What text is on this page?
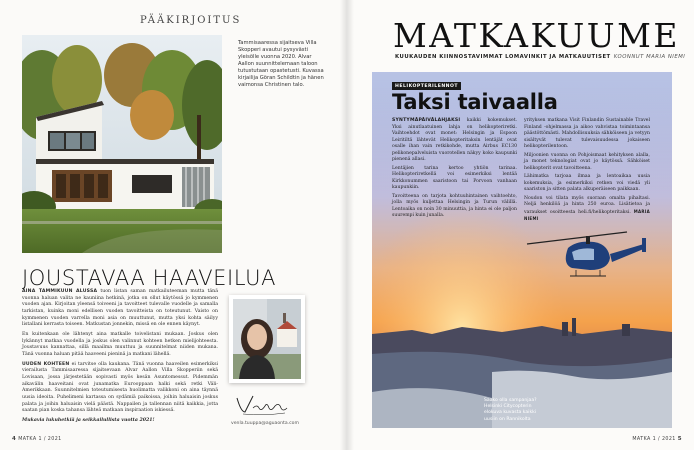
PÄÄKIRJOITUS
Tammisaaressa sijaitseva Villa Skopperi avautui pysyvästi yleisölle vuonna 2020. Alvar Aallon suunnittelemaan taloon tutustutaan opastetusti. Kuvassa kirjailija Göran Schildtin ja hänen vaimonsa Christinen talo.
JOUSTAVAA HAAVEILUA

AINA TAMMIKUUN ALUSSA tuon listan saman matkailuteeman mutta tänä vuonna haluan valita ne kauniina hetkinä, jotka on ollut käytössä jo kymmenen vuoden ajan. Kirjoitan yleensä toiveeni ja tavoitteet tulevalle vuodelle ja samalla tarkistan, kuinka moni edellisen vuoden tavoitteista on toteutunut. Vaisto on kymmenen vuoden varrella moni asia on muuttunut, mutta yksi kohta säilyy listallani kerrasta toiseen. Matkustan jonnekin, missä en ole ennen käynyt.

En kuitenkaan ole lähtenyt aina matkalle toivelistani mukaan. Joskus olen lykännyt matkaa vuodella ja joskus olen valinnut kohteen hetken mielijohteesta. Joustavuus kannattaa, sillä maailma muuttuu ja suunnitelmat niiden mukana. Tänä vuonna haluan pitää haaveeni pieninä ja matkani lähellä.

UUDEN KOHTEEN ei tarvitse olla kaukana. Tänä vuonna haaveilen esimerkiksi vierailusta Tammisaaressa sijaitsevaan Alvar Aallon Villa Skopperiin sekä Lovisaan, jossa järjestetään sopivasti myös kesän Asuntomessut. Pidemmän aikavälin haaveitani ovat junamatka Eurooppaan halki sekä retki Väli-Amerikkaan. Suunnitelmien toteutumisesta huolimatta valikkoni on aina täynnä uusia ideoita. Puhelimeni kartassa on sydämiä paikoissa, joihin haluaisin joskus palata ja joihin haluaisin vielä päästä. Nappailen ja tallennan niitä kaikkia, jotta saatan pian koska tahansa lähteä matkaan inspiraation iskiessä.

Mukavia lukuhetkiä ja seikkailullista vuotta 2021!

venla.tuuppa@aguaonta.com
4 MATKA 1 / 2021
MATKAKUUME
KUUKAUDEN KIINNOSTAVIMMAT LOMAVINKIT JA MATKAUUTISET KOONNUT MARIA NIEMI
HELIKOPTERILENNOT
Taksi taivaalla

SYNTYMÄPÄIVÄLAHJAKSI kaikki kokemukset. Yksi ainutlaatuinen lahja on helikopteriretki. Vaihtoehdot ovat monet: Helsingin ja Espoon Leiritiltä lähtevät Helikopteritaksin lentäjät ovat osalle ihan vain retkikohde, mutta Airbus EC130 pelikonepalveluista vuorotellen näkyy koko kaupunki pienenä allasi.

Lentäjien tarina kertoo yhtiön tarinaa. Helikopteriretkellä voi esimerkiksi lentää Kirkkonummen saaristoon tai Porvoon vanhaan kaupunkiin.

Tavoitteena on tarjota kohtuuhintainen vaihtoehto, jolla myös kuljettaa Helsingin ja Turun välillä. Lentoaika on noin 30 minuuttia, ja hinta ei ole paljon suurempi kuin junalla.

yrityksen matkana Visit Finlandin Sustainable Travel Finland -ohjelmassa ja aikoo vahvistaa toimintaansa päästöttömästi. Mahdollisuuksia sähköiseen ja vetyyn sisältyvät tulevat tulevaisuudessa jokaiseen helikopterilentoon.

Miljoonien vuonna on Pohjoismaat kehityksen alalla, ja monet teknologiat ovat jo käytössä. Sähköiset helikopterit ovat tavoitteena.

Lähimatka tarjoaa ilmaa ja lentoaikaa uusia kokemuksia, ja esimerkiksi retken voi viedä yli saariston ja sitten palata alkuperäiseen paikkaan.

Noudon voi tilata myös suoraan omalta pihaltasi. Neljä henkilöä ja hinta 250 euroa. Lisätietoa ja varaukset osoitteesta heli.fi/helikopteritaksi. MARIA NIEMI

Saako olla sampanjaa? Helsinki Citycopterin elokuva kuvasta kaikki uusiin on Rannikolta
MATKA 1 / 2021 5
